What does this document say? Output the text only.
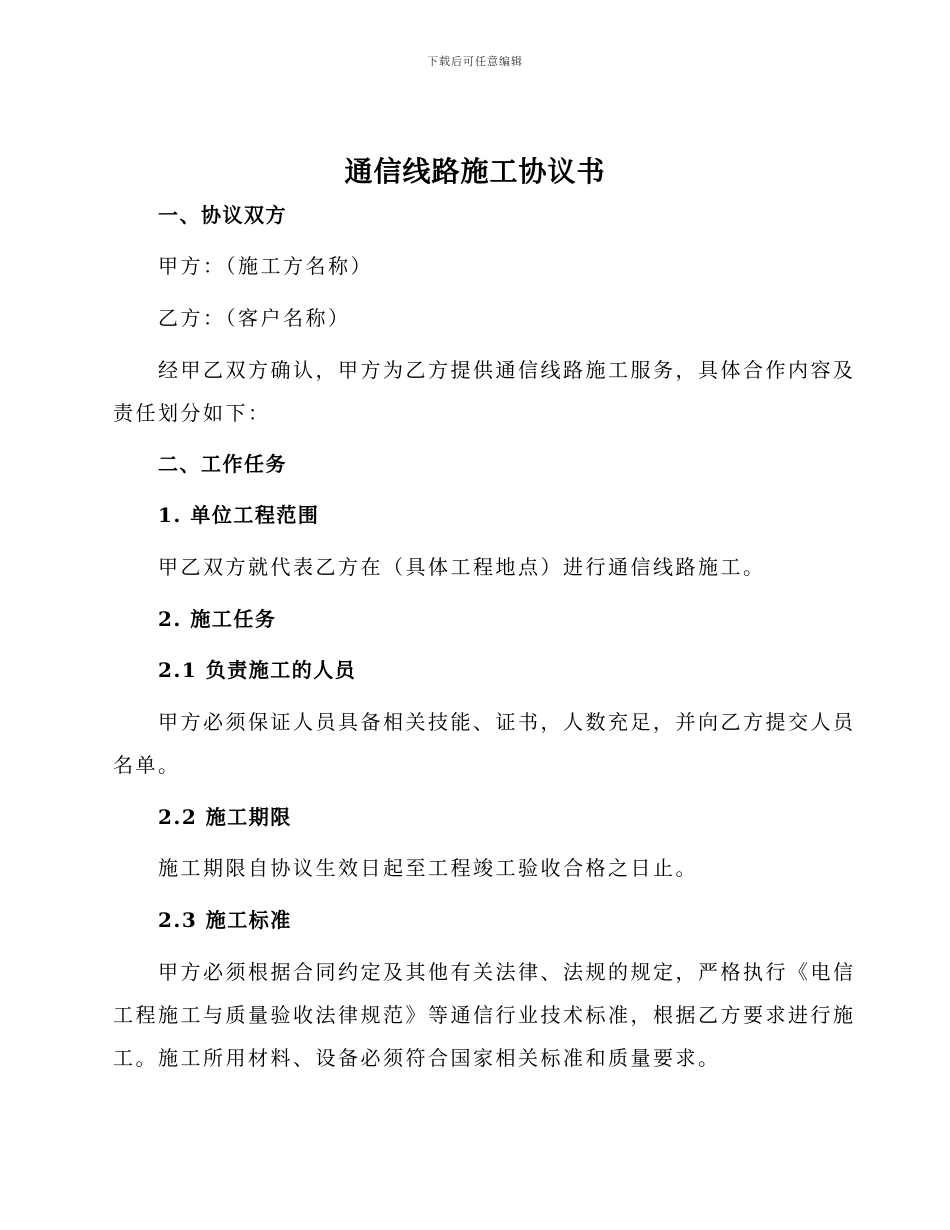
下载后可任意编辑
通信线路施工协议书
一、协议双方
甲方：（施工方名称）
乙方：（客户名称）
经甲乙双方确认，甲方为乙方提供通信线路施工服务，具体合作内容及
责任划分如下：
二、工作任务
1. 单位工程范围
甲乙双方就代表乙方在（具体工程地点）进行通信线路施工。
2. 施工任务
2.1 负责施工的人员
甲方必须保证人员具备相关技能、证书，人数充足，并向乙方提交人员
名单。
2.2 施工期限
施工期限自协议生效日起至工程竣工验收合格之日止。
2.3 施工标准
甲方必须根据合同约定及其他有关法律、法规的规定，严格执行《电信
工程施工与质量验收法律规范》等通信行业技术标准，根据乙方要求进行施
工。施工所用材料、设备必须符合国家相关标准和质量要求。
